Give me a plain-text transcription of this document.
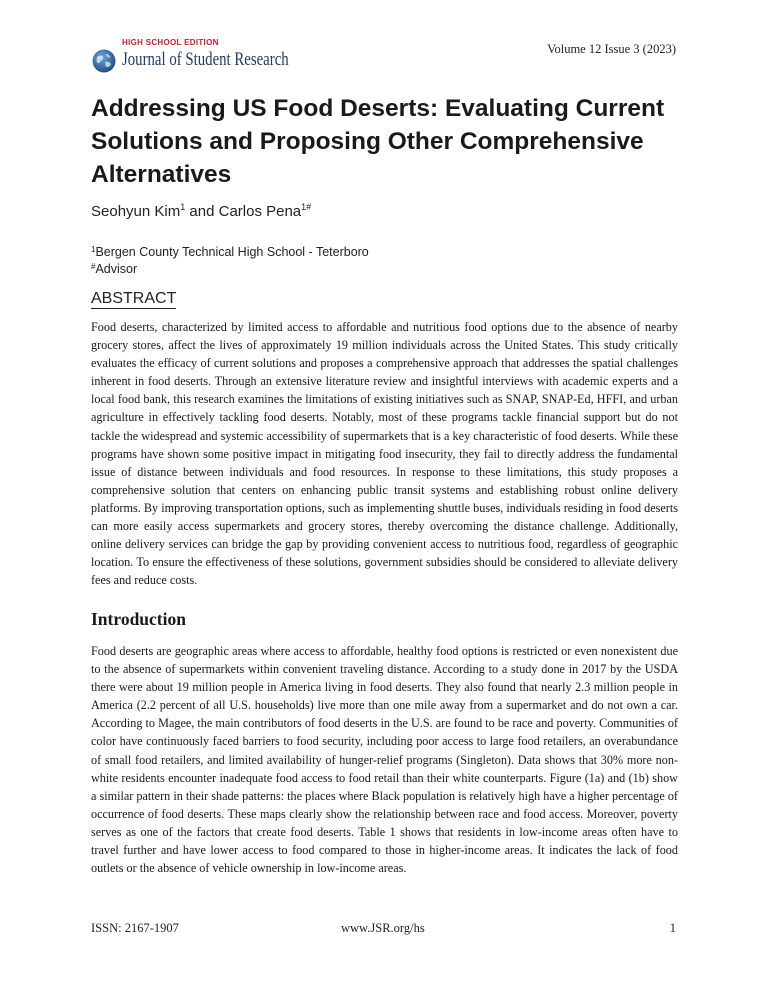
HIGH SCHOOL EDITION
Journal of Student Research	Volume 12 Issue 3 (2023)
Addressing US Food Deserts: Evaluating Current Solutions and Proposing Other Comprehensive Alternatives
Seohyun Kim$^1$ and Carlos Pena$^{1\#}$
$^1$Bergen County Technical High School - Teterboro
#Advisor
ABSTRACT

Food deserts, characterized by limited access to affordable and nutritious food options due to the absence of nearby grocery stores, affect the lives of approximately 19 million individuals across the United States. This study critically evaluates the efficacy of current solutions and proposes a comprehensive approach that addresses the spatial challenges inherent in food deserts. Through an extensive literature review and insightful interviews with academic experts and a local food bank, this research examines the limitations of existing initiatives such as SNAP, SNAP-Ed, HFFI, and urban agriculture in effectively tackling food deserts. Notably, most of these programs tackle financial support but do not tackle the widespread and systemic accessibility of supermarkets that is a key characteristic of food deserts. While these programs have shown some positive impact in mitigating food insecurity, they fail to directly address the fundamental issue of distance between individuals and food resources. In response to these limitations, this study proposes a comprehensive solution that centers on enhancing public transit systems and establishing robust online delivery platforms. By improving transportation options, such as implementing shuttle buses, individuals residing in food deserts can more easily access supermarkets and grocery stores, thereby overcoming the distance challenge. Additionally, online delivery services can bridge the gap by providing convenient access to nutritious food, regardless of geographic location. To ensure the effectiveness of these solutions, government subsidies should be considered to alleviate delivery fees and reduce costs.

Introduction

Food deserts are geographic areas where access to affordable, healthy food options is restricted or even nonexistent due to the absence of supermarkets within convenient traveling distance. According to a study done in 2017 by the USDA there were about 19 million people in America living in food deserts. They also found that nearly 2.3 million people in America (2.2 percent of all U.S. households) live more than one mile away from a supermarket and do not own a car. According to Magee, the main contributors of food deserts in the U.S. are found to be race and poverty. Communities of color have continuously faced barriers to food security, including poor access to large food retailers, an overabundance of small food retailers, and limited availability of hunger-relief programs (Singleton). Data shows that 30% more non-white residents encounter inadequate food access to food retail than their white counterparts. Figure (1a) and (1b) show a similar pattern in their shade patterns: the places where Black population is relatively high have a higher percentage of occurrence of food deserts. These maps clearly show the relationship between race and food access. Moreover, poverty serves as one of the factors that create food deserts. Table 1 shows that residents in low-income areas often have to travel further and have lower access to food compared to those in higher-income areas. It indicates the lack of food outlets or the absence of vehicle ownership in low-income areas.

ISSN: 2167-1907	www.JSR.org/hs	1
